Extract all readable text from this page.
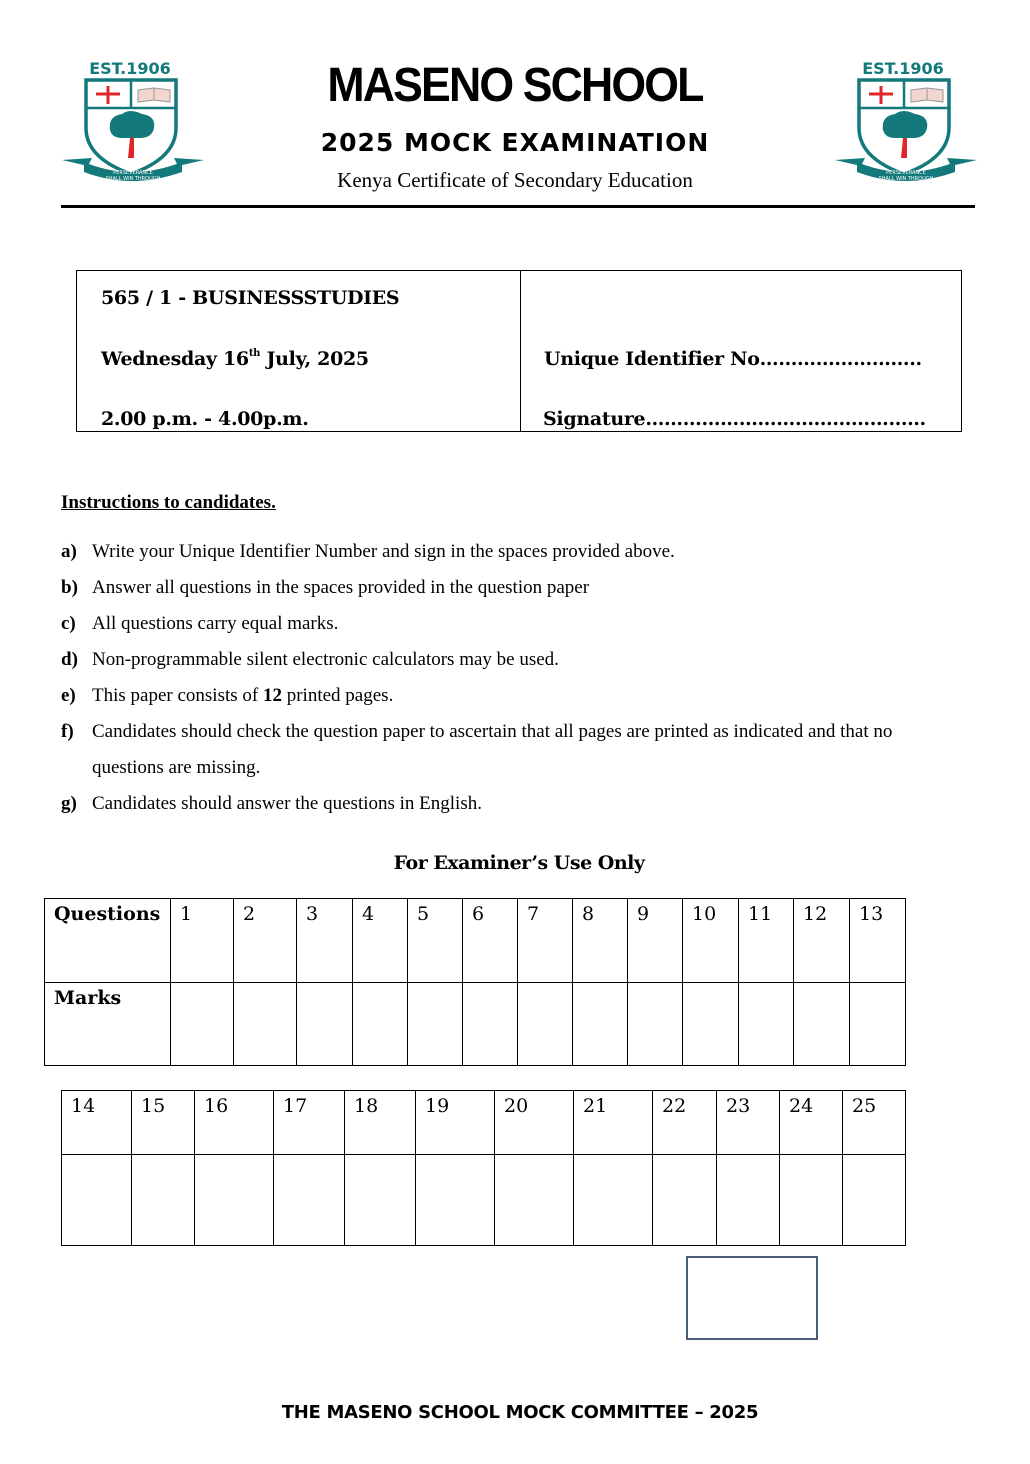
EST.1906
PERSEVERANCE
SHALL WIN THROUGH
EST.1906
PERSEVERANCE
SHALL WIN THROUGH
MASENO SCHOOL
2025 MOCK EXAMINATION
Kenya Certificate of Secondary Education
565 / 1 - BUSINESSSTUDIES
Wednesday 16th July, 2025
2.00 p.m. - 4.00p.m.
Unique Identifier No……………………..
Signature………………………………………
Instructions to candidates.
a) Write your Unique Identifier Number and sign in the spaces provided above.
b) Answer all questions in the spaces provided in the question paper
c) All questions carry equal marks.
d) Non-programmable silent electronic calculators may be used.
e) This paper consists of 12 printed pages.
f) Candidates should check the question paper to ascertain that all pages are printed as indicated and that no questions are missing.
g) Candidates should answer the questions in English.
For Examiner’s Use Only
Questions	1	2	3	4	5	6	7	8	9	10	11	12	13
Marks													
14	15	16	17	18	19	20	21	22	23	24	25

THE MASENO SCHOOL MOCK COMMITTEE – 2025
